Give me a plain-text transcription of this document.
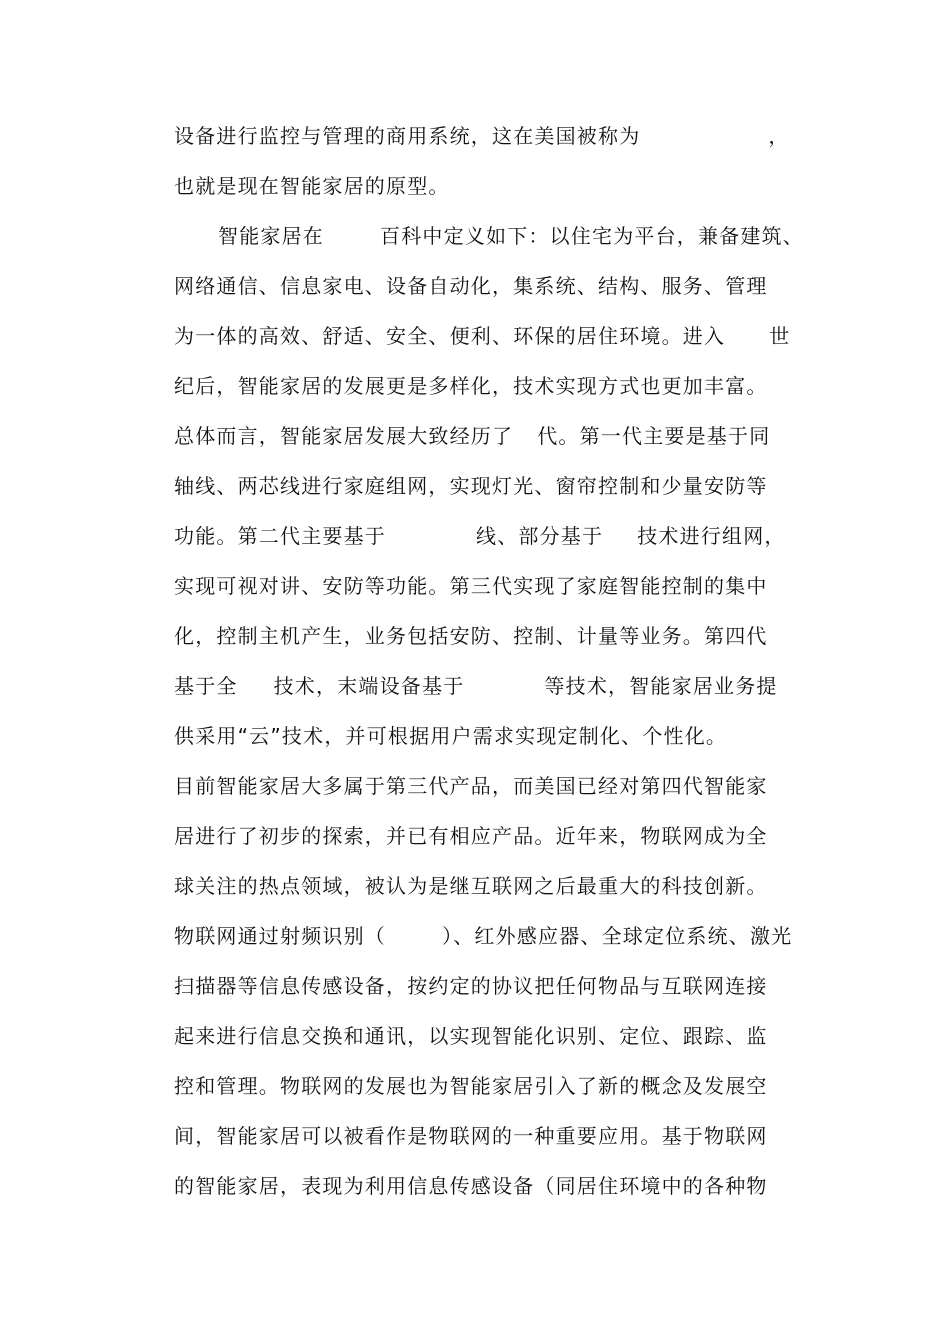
设备进行监控与管理的商用系统，这在美国被称为	，
也就是现在智能家居的原型。
智能家居在	百科中定义如下：以住宅为平台，兼备建筑、
网络通信、信息家电、设备自动化，集系统、结构、服务、管理
为一体的高效、舒适、安全、便利、环保的居住环境。进入 世
纪后，智能家居的发展更是多样化，技术实现方式也更加丰富。
总体而言，智能家居发展大致经历了 代。第一代主要是基于同
轴线、两芯线进行家庭组网，实现灯光、窗帘控制和少量安防等
功能。第二代主要基于	线、部分基于 技术进行组网，
实现可视对讲、安防等功能。第三代实现了家庭智能控制的集中
化，控制主机产生，业务包括安防、控制、计量等业务。第四代
基于全 技术，末端设备基于	等技术，智能家居业务提
供采用“云”技术，并可根据用户需求实现定制化、个性化。
目前智能家居大多属于第三代产品，而美国已经对第四代智能家
居进行了初步的探索，并已有相应产品。近年来，物联网成为全
球关注的热点领域，被认为是继互联网之后最重大的科技创新。
物联网通过射频识别（	）、红外感应器、全球定位系统、激光
扫描器等信息传感设备，按约定的协议把任何物品与互联网连接
起来进行信息交换和通讯，以实现智能化识别、定位、跟踪、监
控和管理。物联网的发展也为智能家居引入了新的概念及发展空
间，智能家居可以被看作是物联网的一种重要应用。基于物联网
的智能家居，表现为利用信息传感设备（同居住环境中的各种物
